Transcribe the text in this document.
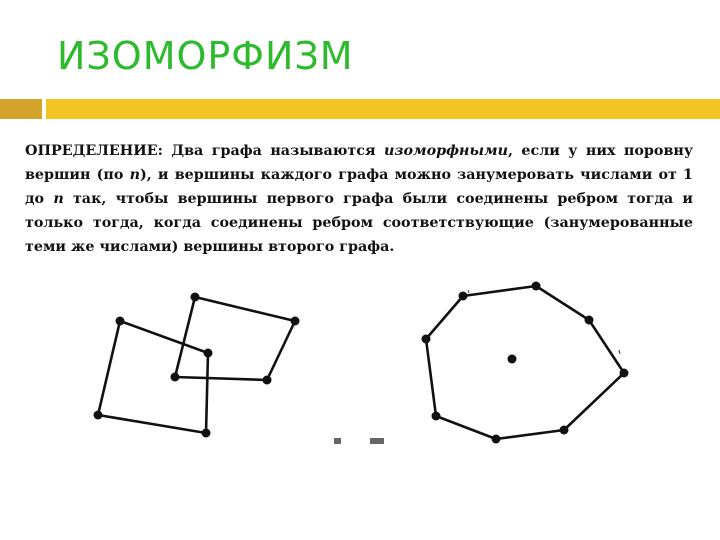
ИЗОМОРФИЗМ
ОПРЕДЕЛЕНИЕ: Два графа называются изоморфными, если у них поровну вершин (по n), и вершины каждого графа можно занумеровать числами от 1 до n так, чтобы вершины первого графа были соединены ребром тогда и только тогда, когда соединены ребром соответствующие (занумерованные теми же числами) вершины второго графа.
